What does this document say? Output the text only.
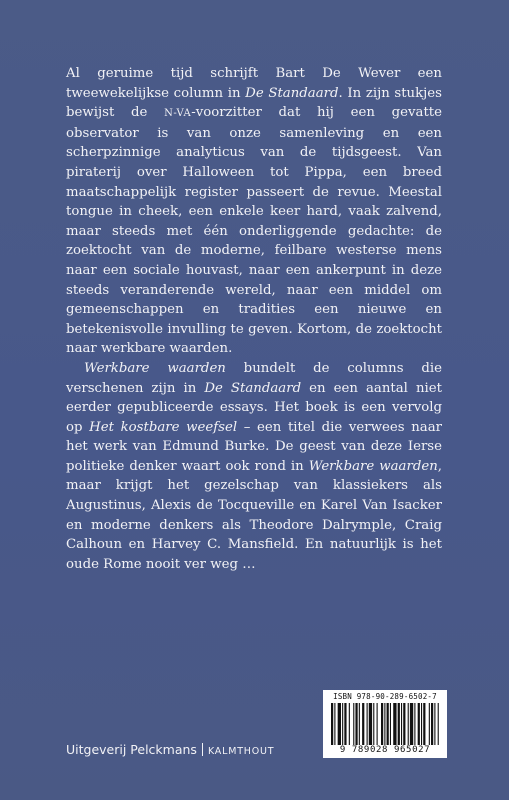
Al geruime tijd schrijft Bart De Wever een tweewekelijkse column in De Standaard. In zijn stukjes bewijst de N-VA-voorzitter dat hij een gevatte observator is van onze samenleving en een scherpzinnige analyticus van de tijdsgeest. Van piraterij over Halloween tot Pippa, een breed maatschappelijk register passeert de revue. Meestal tongue in cheek, een enkele keer hard, vaak zalvend, maar steeds met één onderliggende gedachte: de zoektocht van de moderne, feilbare westerse mens naar een sociale houvast, naar een ankerpunt in deze steeds veranderende wereld, naar een middel om gemeenschappen en tradities een nieuwe en betekenisvolle invulling te geven. Kortom, de zoektocht naar werkbare waarden.

Werkbare waarden bundelt de columns die verschenen zijn in De Standaard en een aantal niet eerder gepubliceerde essays. Het boek is een vervolg op Het kostbare weefsel – een titel die verwees naar het werk van Edmund Burke. De geest van deze Ierse politieke denker waart ook rond in Werkbare waarden, maar krijgt het gezelschap van klassiekers als Augustinus, Alexis de Tocqueville en Karel Van Isacker en moderne denkers als Theodore Dalrymple, Craig Calhoun en Harvey C. Mansfield. En natuurlijk is het oude Rome nooit ver weg …

ISBN 978-90-289-6502-7
9 789028 965027
Uitgeverij Pelckmans KALMTHOUT
